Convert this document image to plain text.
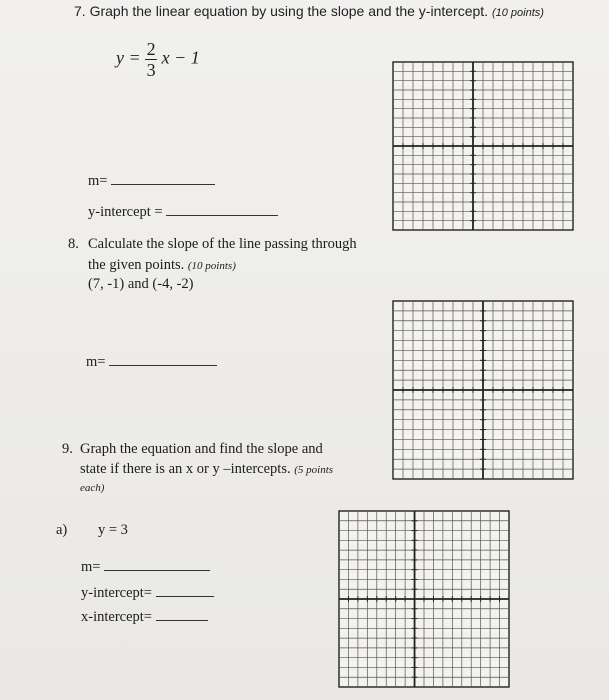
7. Graph the linear equation by using the slope and the y-intercept. (10 points)
$y = \frac{2}{3}$ x − 1
m=
y-intercept =
8. Calculate the slope of the line passing through
the given points. (10 points)
(7, -1) and (-4, -2)
m=
9. Graph the equation and find the slope and
state if there is an x or y –intercepts. (5 points
each)
a) y = 3
m=
y-intercept=
x-intercept=
